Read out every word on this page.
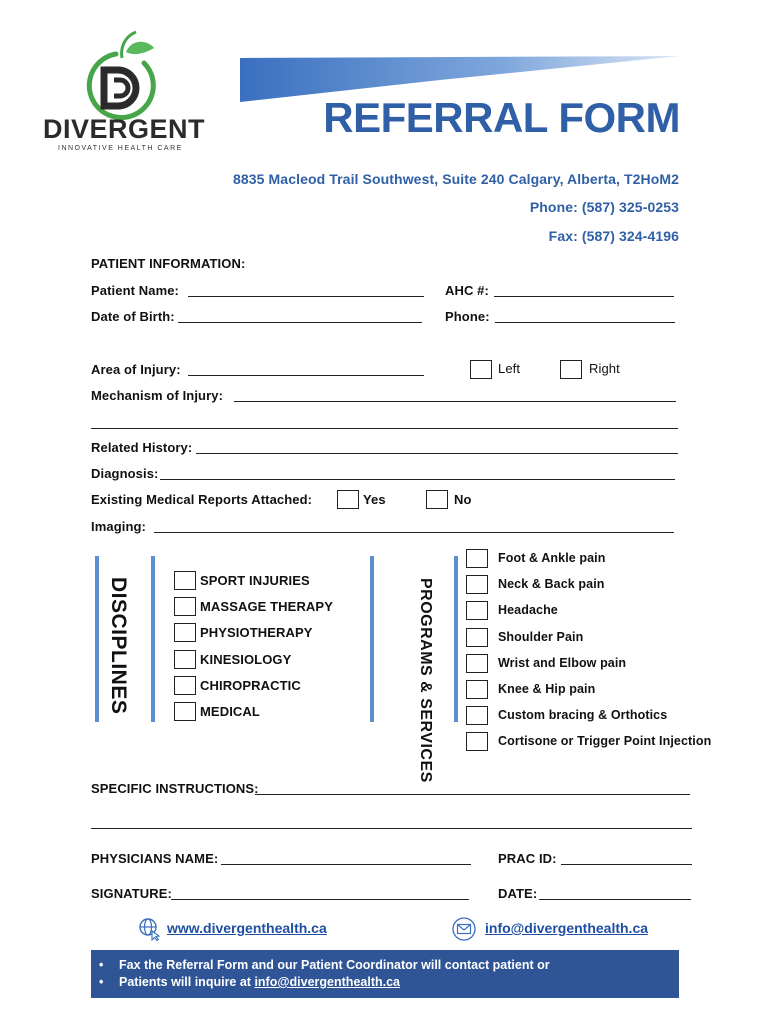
DIVERGENT
INNOVATIVE HEALTH CARE
REFERRAL FORM
8835 Macleod Trail Southwest, Suite 240 Calgary, Alberta, T2HoM2
Phone: (587) 325-0253
Fax: (587) 324-4196
PATIENT INFORMATION:
Patient Name:	AHC #:
Date of Birth:	Phone:
Area of Injury:	Left	Right
Mechanism of Injury:
Related History:
Diagnosis:
Existing Medical Reports Attached:	Yes	No
Imaging:
DISCIPLINES	SPORT INJURIES
MASSAGE THERAPY
PHYSIOTHERAPY
KINESIOLOGY
CHIROPRACTIC
MEDICAL
PROGRAMS & SERVICES
Foot & Ankle pain
Neck & Back pain
Headache
Shoulder Pain
Wrist and Elbow pain
Knee & Hip pain
Custom bracing & Orthotics
Cortisone or Trigger Point Injection
SPECIFIC INSTRUCTIONS:
PHYSICIANS NAME:	PRAC ID:
SIGNATURE:	DATE:
www.divergenthealth.ca	info@divergenthealth.ca
• Fax the Referral Form and our Patient Coordinator will contact patient or
• Patients will inquire at info@divergenthealth.ca
